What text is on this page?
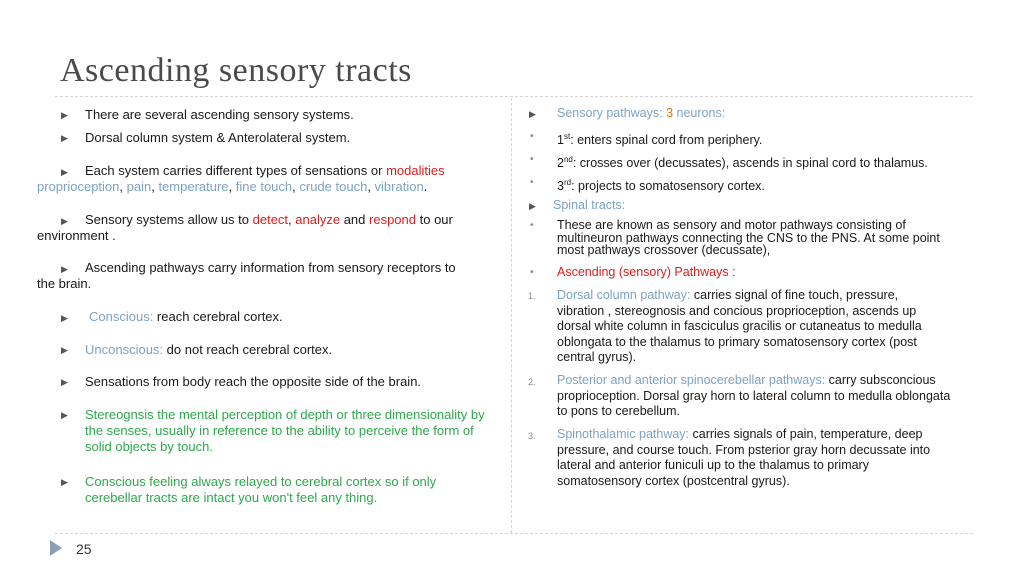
Ascending sensory tracts
▶ There are several ascending sensory systems.
▶ Dorsal column system & Anterolateral system.
▶	Each system carries different types of sensations or modalities
proprioception, pain, temperature, fine touch, crude touch, vibration.
▶	Sensory systems allow us to detect, analyze and respond to our
environment .
▶	Ascending pathways carry information from sensory receptors to
the brain.
▶ Conscious: reach cerebral cortex.
▶ Unconscious: do not reach cerebral cortex.
▶ Sensations from body reach the opposite side of the brain.
▶ Stereognsis the mental perception of depth or three dimensionality by the senses, usually in reference to the ability to perceive the form of solid objects by touch.
▶ Conscious feeling always relayed to cerebral cortex so if only cerebellar tracts are intact you won't feel any thing.
▶ Sensory pathways: 3 neurons:
• 1st: enters spinal cord from periphery.
• 2nd: crosses over (decussates), ascends in spinal cord to thalamus.
• 3rd: projects to somatosensory cortex.
▶ Spinal tracts:
• These are known as sensory and motor pathways consisting of multineuron pathways connecting the CNS to the PNS. At some point most pathways crossover (decussate),
• Ascending (sensory) Pathways :
1. Dorsal column pathway: carries signal of fine touch, pressure, vibration , stereognosis and concious proprioception, ascends up dorsal white column in fasciculus gracilis or cutaneatus to medulla oblongata to the thalamus to primary somatosensory cortex (post central gyrus).
2. Posterior and anterior spinocerebellar pathways: carry subsconcious proprioception. Dorsal gray horn to lateral column to medulla oblongata to pons to cerebellum.
3. Spinothalamic pathway: carries signals of pain, temperature, deep pressure, and course touch. From psterior gray horn decussate into lateral and anterior funiculi up to the thalamus to primary somatosensory cortex (postcentral gyrus).
25
